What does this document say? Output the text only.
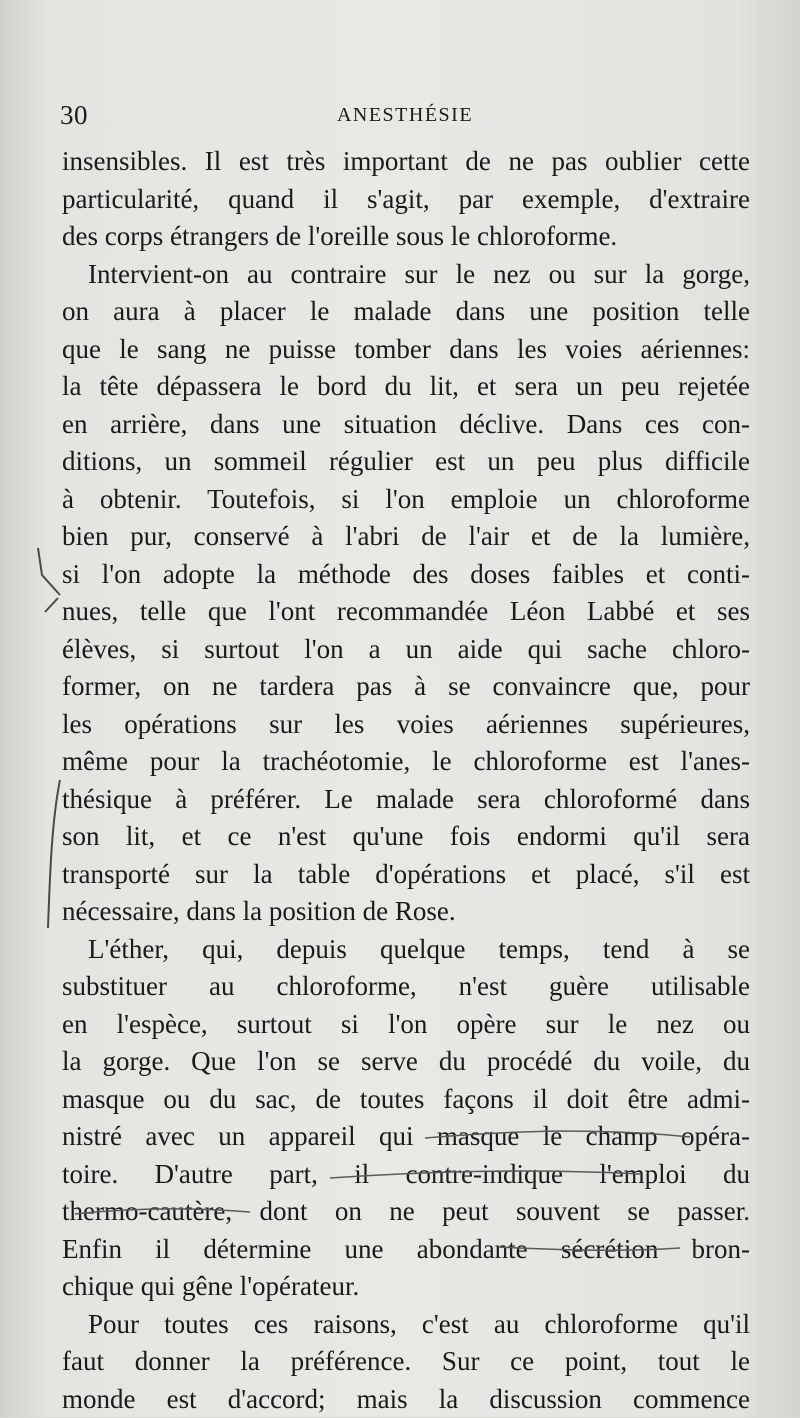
30	ANESTHÉSIE
insensibles. Il est très important de ne pas oublier cette
particularité, quand il s'agit, par exemple, d'extraire
des corps étrangers de l'oreille sous le chloroforme.
Intervient-on au contraire sur le nez ou sur la gorge,
on aura à placer le malade dans une position telle
que le sang ne puisse tomber dans les voies aériennes:
la tête dépassera le bord du lit, et sera un peu rejetée
en arrière, dans une situation déclive. Dans ces con-
ditions, un sommeil régulier est un peu plus difficile
à obtenir. Toutefois, si l'on emploie un chloroforme
bien pur, conservé à l'abri de l'air et de la lumière,
si l'on adopte la méthode des doses faibles et conti-
nues, telle que l'ont recommandée Léon Labbé et ses
élèves, si surtout l'on a un aide qui sache chloro-
former, on ne tardera pas à se convaincre que, pour
les opérations sur les voies aériennes supérieures,
même pour la trachéotomie, le chloroforme est l'anes-
thésique à préférer. Le malade sera chloroformé dans
son lit, et ce n'est qu'une fois endormi qu'il sera
transporté sur la table d'opérations et placé, s'il est
nécessaire, dans la position de Rose.
L'éther, qui, depuis quelque temps, tend à se
substituer au chloroforme, n'est guère utilisable
en l'espèce, surtout si l'on opère sur le nez ou
la gorge. Que l'on se serve du procédé du voile, du
masque ou du sac, de toutes façons il doit être admi-
nistré avec un appareil qui masque le champ opéra-
toire. D'autre part, il contre-indique l'emploi du
thermo-cautère, dont on ne peut souvent se passer.
Enfin il détermine une abondante sécrétion bron-
chique qui gêne l'opérateur.
Pour toutes ces raisons, c'est au chloroforme qu'il
faut donner la préférence. Sur ce point, tout le
monde est d'accord; mais la discussion commence
